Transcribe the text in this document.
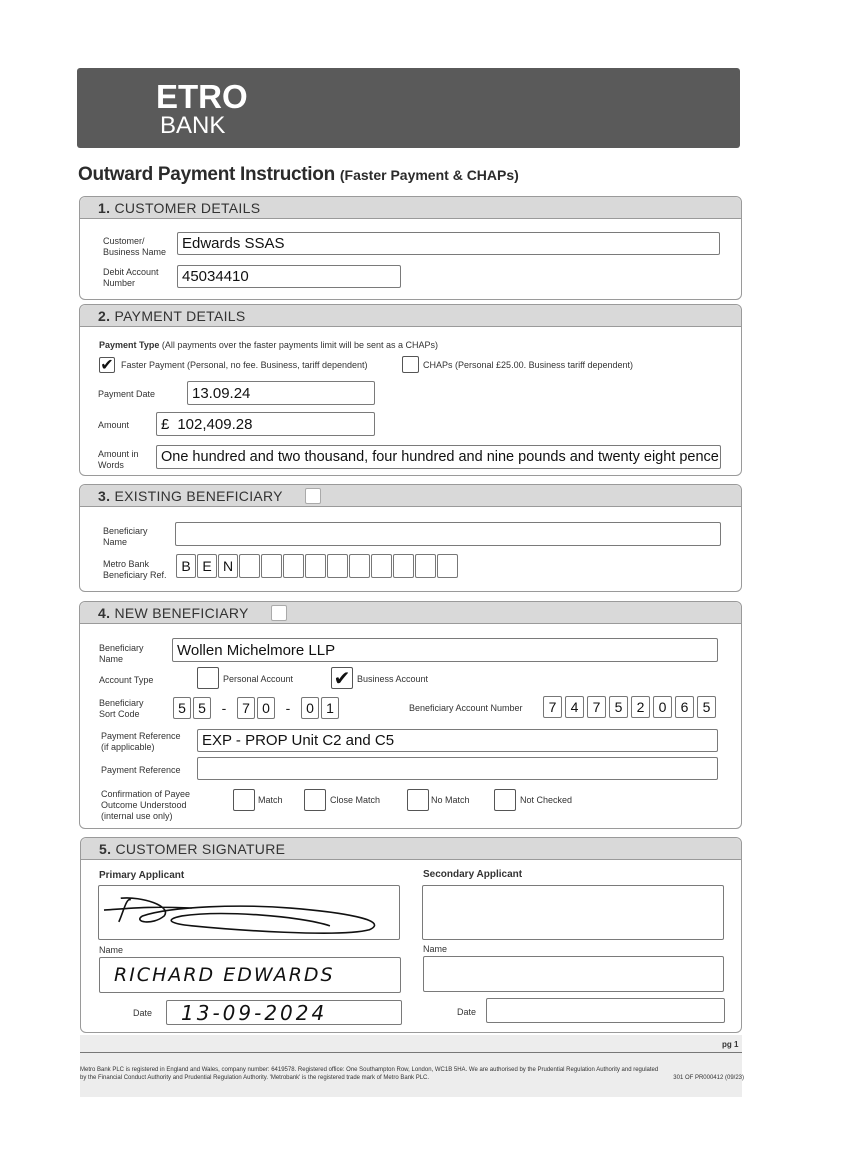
ETRO
BANK
Outward Payment Instruction (Faster Payment & CHAPs)
1. CUSTOMER DETAILS
Customer/
Business Name Edwards SSAS
Debit Account
Number	45034410
2. PAYMENT DETAILS
Payment Type (All payments over the faster payments limit will be sent as a CHAPs)
✔ Faster Payment (Personal, no fee. Business, tariff dependent)	CHAPs (Personal £25.00. Business tariff dependent)
Payment Date 13.09.24
Amount £ 102,409.28
Amount in
Words	One hundred and two thousand, four hundred and nine pounds and twenty eight pence
3. EXISTING BENEFICIARY
Beneficiary
Name
Metro Bank
Beneficiary Ref.
B E N
4. NEW BENEFICIARY
Beneficiary
Name
Wollen Michelmore LLP
Account Type	Personal Account ✔ Business Account
Beneficiary
Sort Code	5 5	-	7 0	-	0 1	Beneficiary Account Number	7	4	7	5	2	0	6	5
Payment Reference
(if applicable)	EXP - PROP Unit C2 and C5
Payment Reference
Confirmation of Payee
Outcome Understood
(internal use only)
Match	Close Match	No Match	Not Checked
5. CUSTOMER SIGNATURE
Primary Applicant	Secondary Applicant
Name	Name
RICHARD EDWARDS
Date 13-09-2024	Date
pg 1
Metro Bank PLC is registered in England and Wales, company number: 6419578. Registered office: One Southampton Row, London, WC1B 5HA. We are authorised by the Prudential Regulation Authority and regulated
by the Financial Conduct Authority and Prudential Regulation Authority. 'Metrobank' is the registered trade mark of Metro Bank PLC.	301 OF PR000412 (09/23)
